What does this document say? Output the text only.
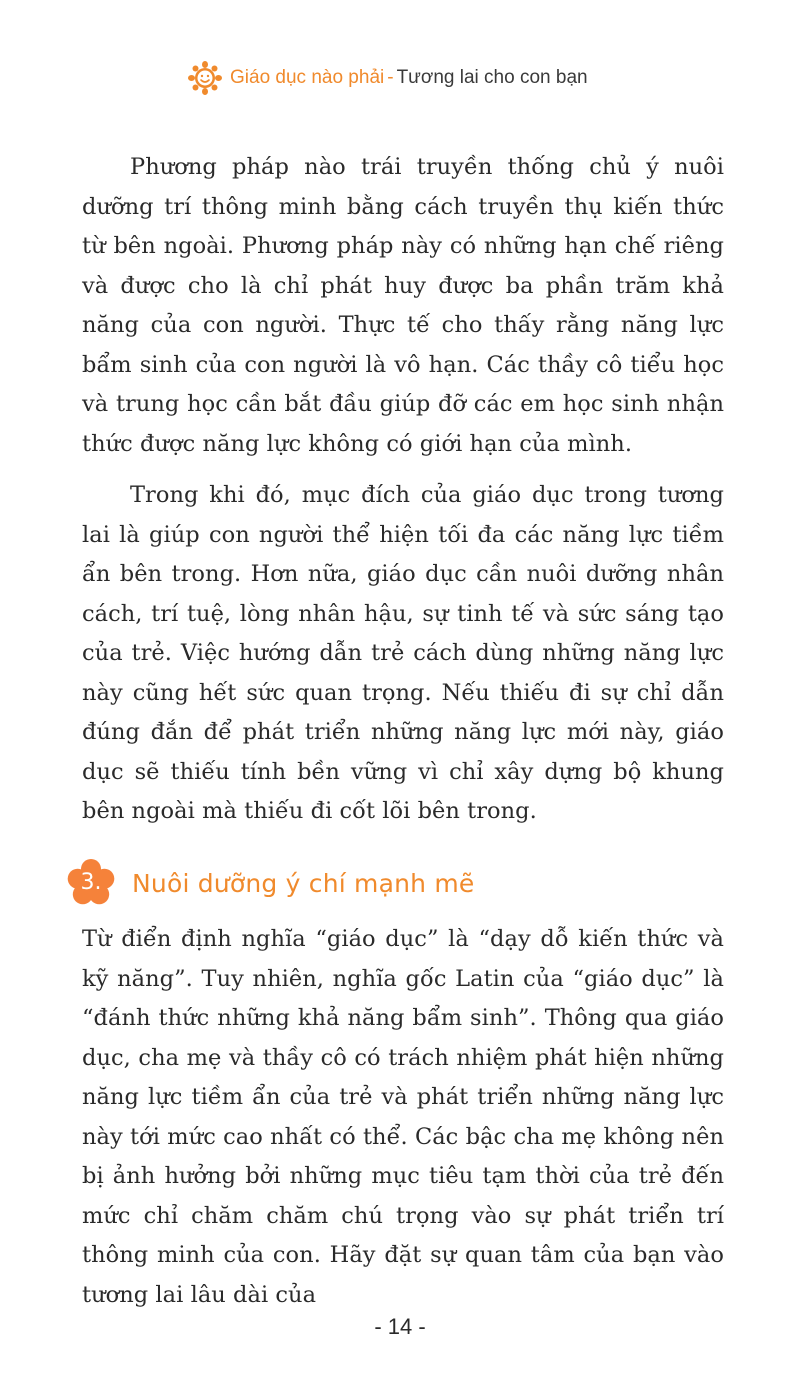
Giáo dục nào phải - Tương lai cho con bạn

Phương pháp nào trái truyền thống chủ ý nuôi dưỡng trí thông minh bằng cách truyền thụ kiến thức từ bên ngoài. Phương pháp này có những hạn chế riêng và được cho là chỉ phát huy được ba phần trăm khả năng của con người. Thực tế cho thấy rằng năng lực bẩm sinh của con người là vô hạn. Các thầy cô tiểu học và trung học cần bắt đầu giúp đỡ các em học sinh nhận thức được năng lực không có giới hạn của mình.

Trong khi đó, mục đích của giáo dục trong tương lai là giúp con người thể hiện tối đa các năng lực tiềm ẩn bên trong. Hơn nữa, giáo dục cần nuôi dưỡng nhân cách, trí tuệ, lòng nhân hậu, sự tinh tế và sức sáng tạo của trẻ. Việc hướng dẫn trẻ cách dùng những năng lực này cũng hết sức quan trọng. Nếu thiếu đi sự chỉ dẫn đúng đắn để phát triển những năng lực mới này, giáo dục sẽ thiếu tính bền vững vì chỉ xây dựng bộ khung bên ngoài mà thiếu đi cốt lõi bên trong.

3.	Nuôi dưỡng ý chí mạnh mẽ

Từ điển định nghĩa “giáo dục” là “dạy dỗ kiến thức và kỹ năng”. Tuy nhiên, nghĩa gốc Latin của “giáo dục” là “đánh thức những khả năng bẩm sinh”. Thông qua giáo dục, cha mẹ và thầy cô có trách nhiệm phát hiện những năng lực tiềm ẩn của trẻ và phát triển những năng lực này tới mức cao nhất có thể. Các bậc cha mẹ không nên bị ảnh hưởng bởi những mục tiêu tạm thời của trẻ đến mức chỉ chăm chăm chú trọng vào sự phát triển trí thông minh của con. Hãy đặt sự quan tâm của bạn vào tương lai lâu dài của

- 14 -
